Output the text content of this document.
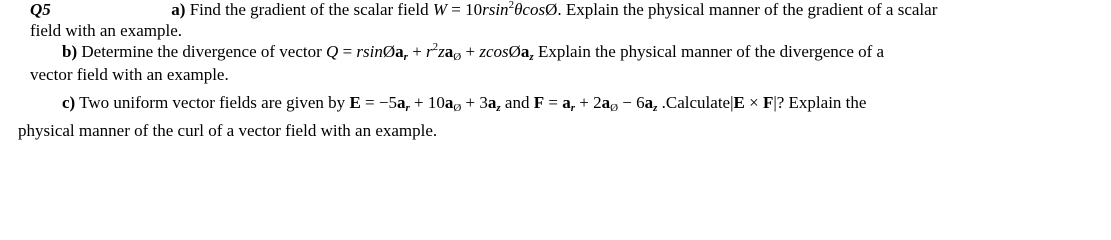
Q5	a) Find the gradient of the scalar field W = 10rsin$^2$θcosØ. Explain the physical manner of the gradient of a scalar
field with an example.
b) Determine the divergence of vector Q = rsinØa$_r$ + $r^2za_Ø$ + zcosØa$_z$ Explain the physical manner of the divergence of a
vector field with an example.
c) Two uniform vector fields are given by $E = -5a_r + 10a_Ø + 3a_z$ and $F = a_r + 2a_Ø - 6a_z$ .Calculate|E × F|? Explain the
physical manner of the curl of a vector field with an example.
